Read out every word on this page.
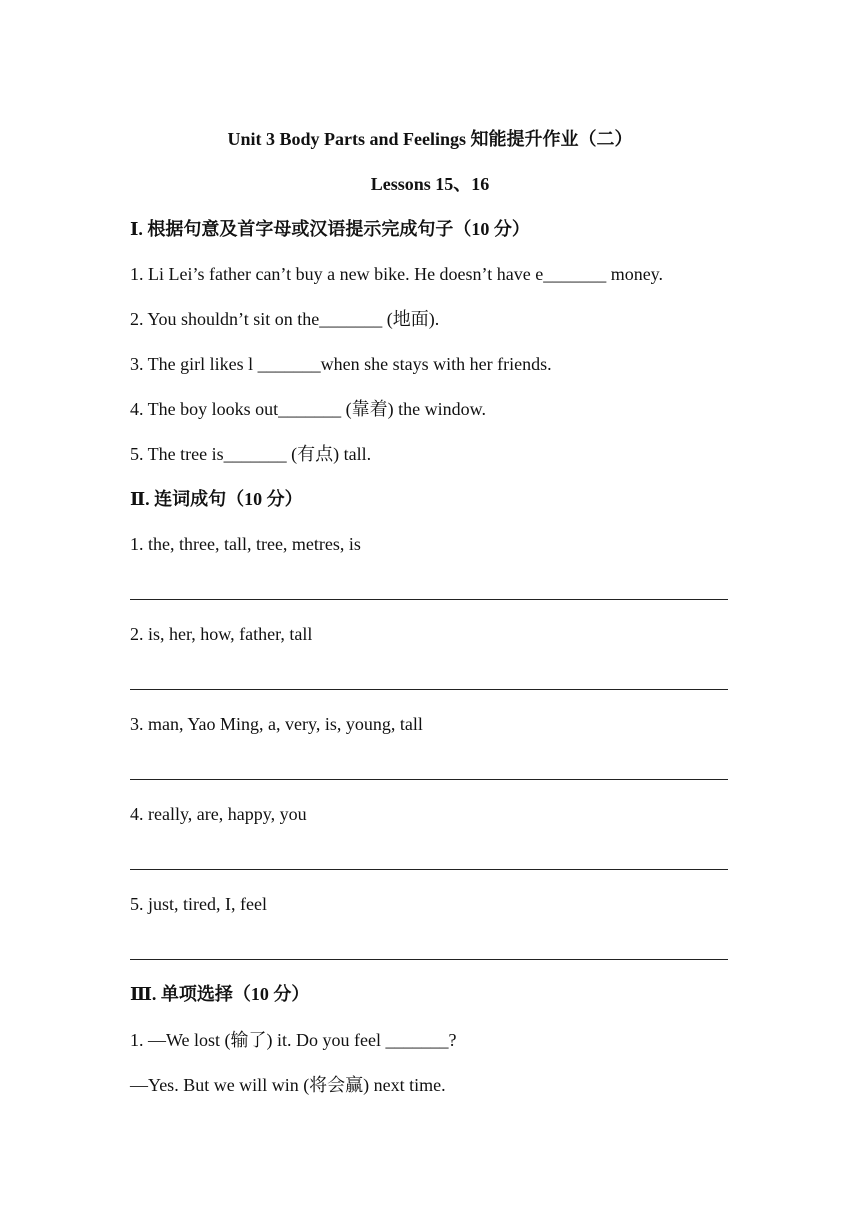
Unit 3 Body Parts and Feelings 知能提升作业（二）
Lessons 15、16
Ⅰ. 根据句意及首字母或汉语提示完成句子（10 分）
1. Li Lei’s father can’t buy a new bike. He doesn’t have e_______ money.
2. You shouldn’t sit on the_______ (地面).
3. The girl likes l _______when she stays with her friends.
4. The boy looks out_______ (靠着) the window.
5. The tree is_______ (有点) tall.
Ⅱ. 连词成句（10 分）
1. the, three, tall, tree, metres, is
2. is, her, how, father, tall
3. man, Yao Ming, a, very, is, young, tall
4. really, are, happy, you
5. just, tired, I, feel
Ⅲ. 单项选择（10 分）
1. —We lost (输了) it. Do you feel _______?
—Yes. But we will win (将会赢) next time.
